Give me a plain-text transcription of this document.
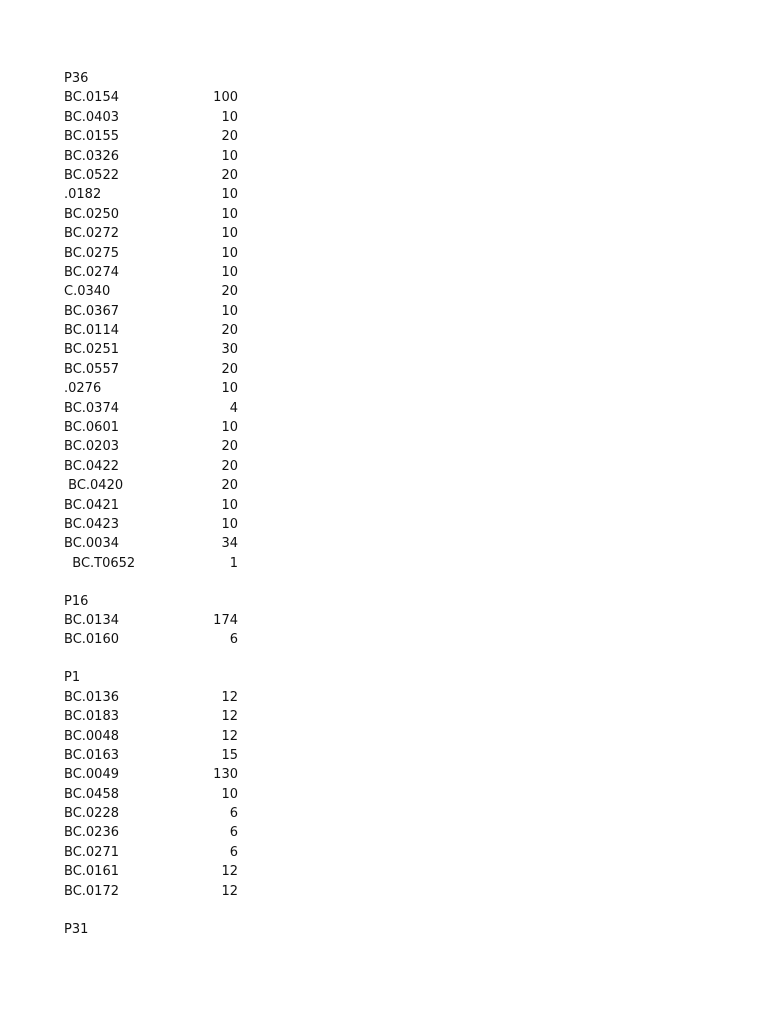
P36
BC.0154	100
BC.0403	10
BC.0155	20
BC.0326	10
BC.0522	20
.0182	10
BC.0250	10
BC.0272	10
BC.0275	10
BC.0274	10
C.0340	20
BC.0367	10
BC.0114	20
BC.0251	30
BC.0557	20
.0276	10
BC.0374	4
BC.0601	10
BC.0203	20
BC.0422	20
BC.0420	20
BC.0421	10
BC.0423	10
BC.0034	34
BC.T0652	1
P16
BC.0134	174
BC.0160	6
P1
BC.0136	12
BC.0183	12
BC.0048	12
BC.0163	15
BC.0049	130
BC.0458	10
BC.0228	6
BC.0236	6
BC.0271	6
BC.0161	12
BC.0172	12
P31
